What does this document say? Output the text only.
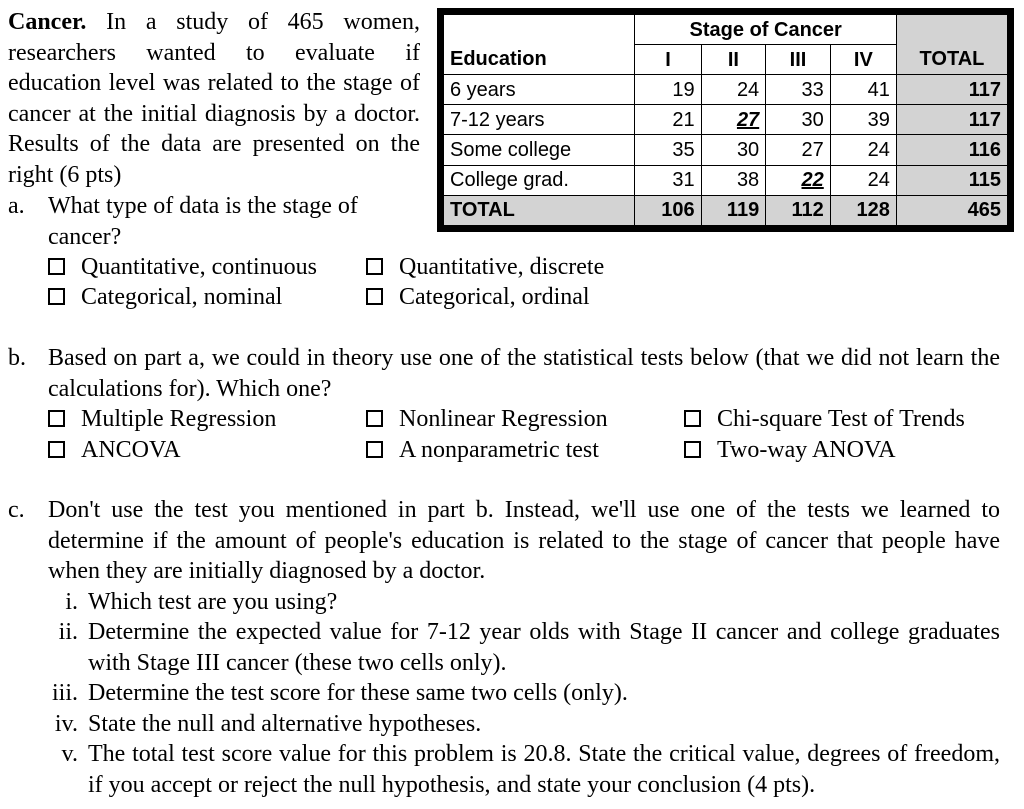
Cancer. In a study of 465 women, researchers wanted to evaluate if education level was related to the stage of cancer at the initial diagnosis by a doctor. Results of the data are presented on the right (6 pts)
a. What type of data is the stage of cancer?
Quantitative, continuous	Quantitative, discrete
Categorical, nominal	Categorical, ordinal
	Stage of Cancer				
Education	I	II	III	IV	TOTAL
6 years	19	24	33	41	117
7-12 years	21	27	30	39	117
Some college	35	30	27	24	116
College grad.	31	38	22	24	115
TOTAL	106	119	112	128	465
b. Based on part a, we could in theory use one of the statistical tests below (that we did not learn the calculations for). Which one?
Multiple Regression	Nonlinear Regression	Chi-square Test of Trends
ANCOVA	A nonparametric test	Two-way ANOVA
c. Don't use the test you mentioned in part b. Instead, we'll use one of the tests we learned to determine if the amount of people's education is related to the stage of cancer that people have when they are initially diagnosed by a doctor.
i. Which test are you using?
ii. Determine the expected value for 7-12 year olds with Stage II cancer and college graduates with Stage III cancer (these two cells only).
iii. Determine the test score for these same two cells (only).
iv. State the null and alternative hypotheses.
v. The total test score value for this problem is 20.8. State the critical value, degrees of freedom, if you accept or reject the null hypothesis, and state your conclusion (4 pts).
